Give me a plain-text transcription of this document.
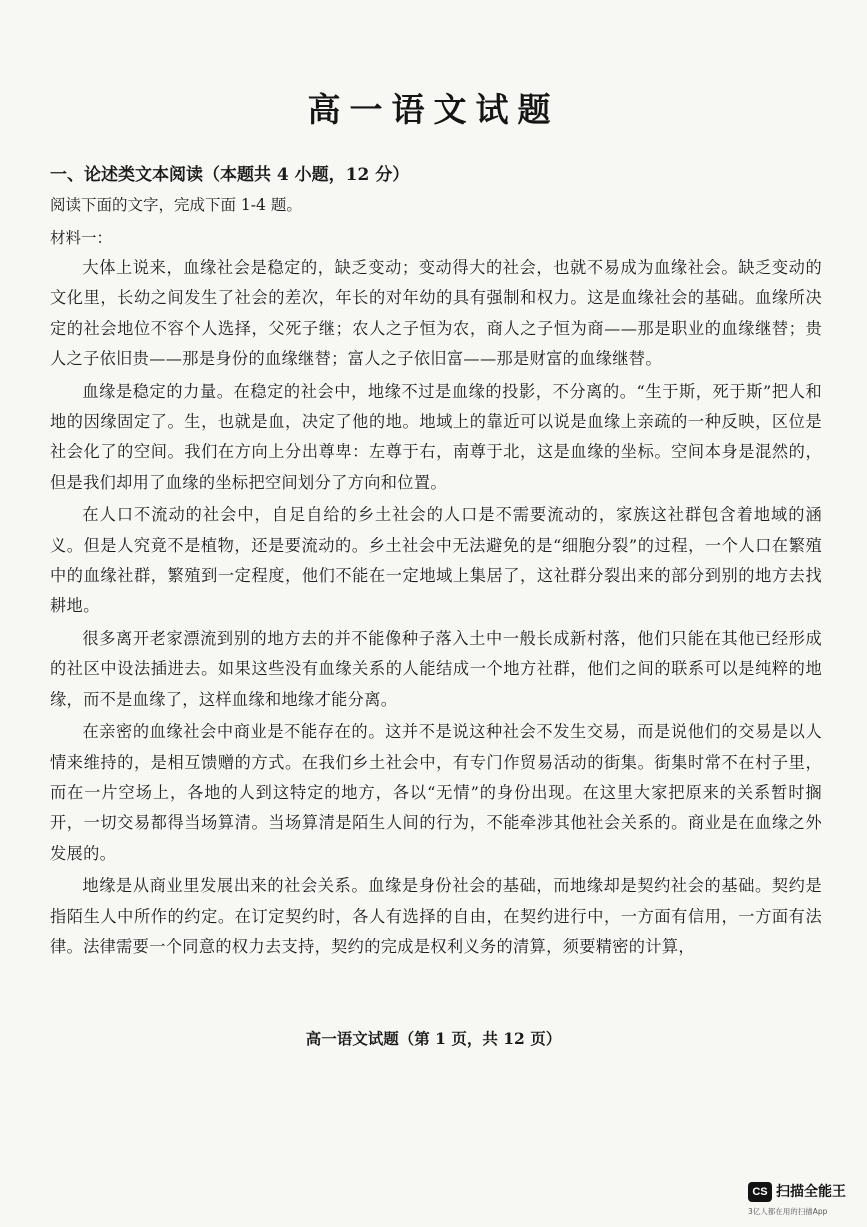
高一语文试题
一、论述类文本阅读（本题共 4 小题，12 分）
阅读下面的文字，完成下面 1-4 题。
材料一：

大体上说来，血缘社会是稳定的，缺乏变动；变动得大的社会，也就不易成为血缘社会。缺乏变动的文化里，长幼之间发生了社会的差次，年长的对年幼的具有强制和权力。这是血缘社会的基础。血缘所决定的社会地位不容个人选择，父死子继；农人之子恒为农，商人之子恒为商——那是职业的血缘继替；贵人之子依旧贵——那是身份的血缘继替；富人之子依旧富——那是财富的血缘继替。

血缘是稳定的力量。在稳定的社会中，地缘不过是血缘的投影，不分离的。“生于斯，死于斯”把人和地的因缘固定了。生，也就是血，决定了他的地。地域上的靠近可以说是血缘上亲疏的一种反映，区位是社会化了的空间。我们在方向上分出尊卑：左尊于右，南尊于北，这是血缘的坐标。空间本身是混然的，但是我们却用了血缘的坐标把空间划分了方向和位置。

在人口不流动的社会中，自足自给的乡土社会的人口是不需要流动的，家族这社群包含着地域的涵义。但是人究竟不是植物，还是要流动的。乡土社会中无法避免的是“细胞分裂”的过程，一个人口在繁殖中的血缘社群，繁殖到一定程度，他们不能在一定地域上集居了，这社群分裂出来的部分到别的地方去找耕地。

很多离开老家漂流到别的地方去的并不能像种子落入土中一般长成新村落，他们只能在其他已经形成的社区中设法插进去。如果这些没有血缘关系的人能结成一个地方社群，他们之间的联系可以是纯粹的地缘，而不是血缘了，这样血缘和地缘才能分离。

在亲密的血缘社会中商业是不能存在的。这并不是说这种社会不发生交易，而是说他们的交易是以人情来维持的，是相互馈赠的方式。在我们乡土社会中，有专门作贸易活动的街集。街集时常不在村子里，而在一片空场上，各地的人到这特定的地方，各以“无情”的身份出现。在这里大家把原来的关系暂时搁开，一切交易都得当场算清。当场算清是陌生人间的行为，不能牵涉其他社会关系的。商业是在血缘之外发展的。

地缘是从商业里发展出来的社会关系。血缘是身份社会的基础，而地缘却是契约社会的基础。契约是指陌生人中所作的约定。在订定契约时，各人有选择的自由，在契约进行中，一方面有信用，一方面有法律。法律需要一个同意的权力去支持，契约的完成是权利义务的清算，须要精密的计算，

高一语文试题（第 1 页，共 12 页）
CS 扫描全能王
3亿人都在用的扫描App
